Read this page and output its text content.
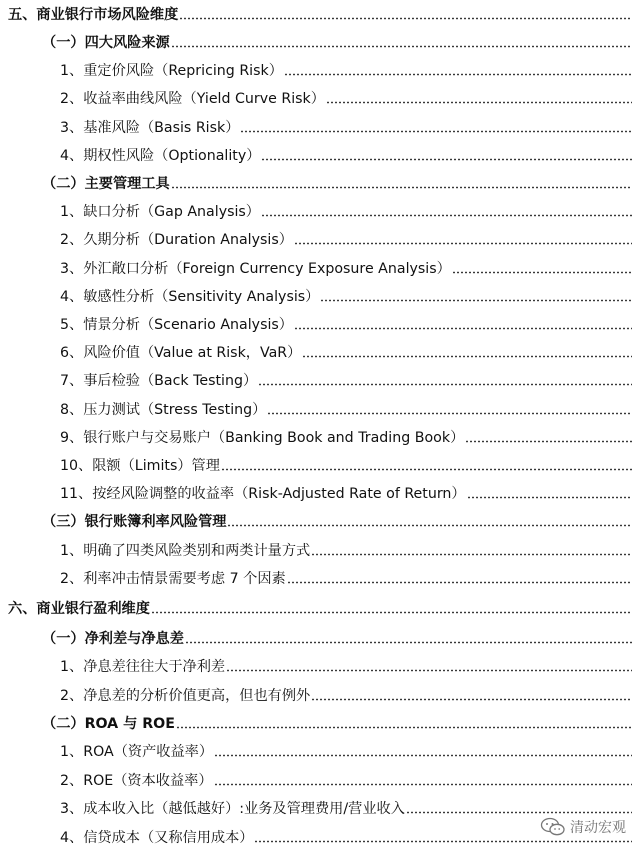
五、商业银行市场风险维度
（一）四大风险来源
1、重定价风险（Repricing Risk）
2、收益率曲线风险（Yield Curve Risk）
3、基准风险（Basis Risk）
4、期权性风险（Optionality）
（二）主要管理工具
1、缺口分析（Gap Analysis）
2、久期分析（Duration Analysis）
3、外汇敞口分析（Foreign Currency Exposure Analysis）
4、敏感性分析（Sensitivity Analysis）
5、情景分析（Scenario Analysis）
6、风险价值（Value at Risk，VaR）
7、事后检验（Back Testing）
8、压力测试（Stress Testing）
9、银行账户与交易账户（Banking Book and Trading Book）
10、限额（Limits）管理
11、按经风险调整的收益率（Risk-Adjusted Rate of Return）
（三）银行账簿利率风险管理
1、明确了四类风险类别和两类计量方式
2、利率冲击情景需要考虑 7 个因素
六、商业银行盈利维度
（一）净利差与净息差
1、净息差往往大于净利差
2、净息差的分析价值更高，但也有例外
（二）ROA 与 ROE
1、ROA（资产收益率）
2、ROE（资本收益率）
3、成本收入比（越低越好）:业务及管理费用/营业收入
4、信贷成本（又称信用成本）
清动宏观
